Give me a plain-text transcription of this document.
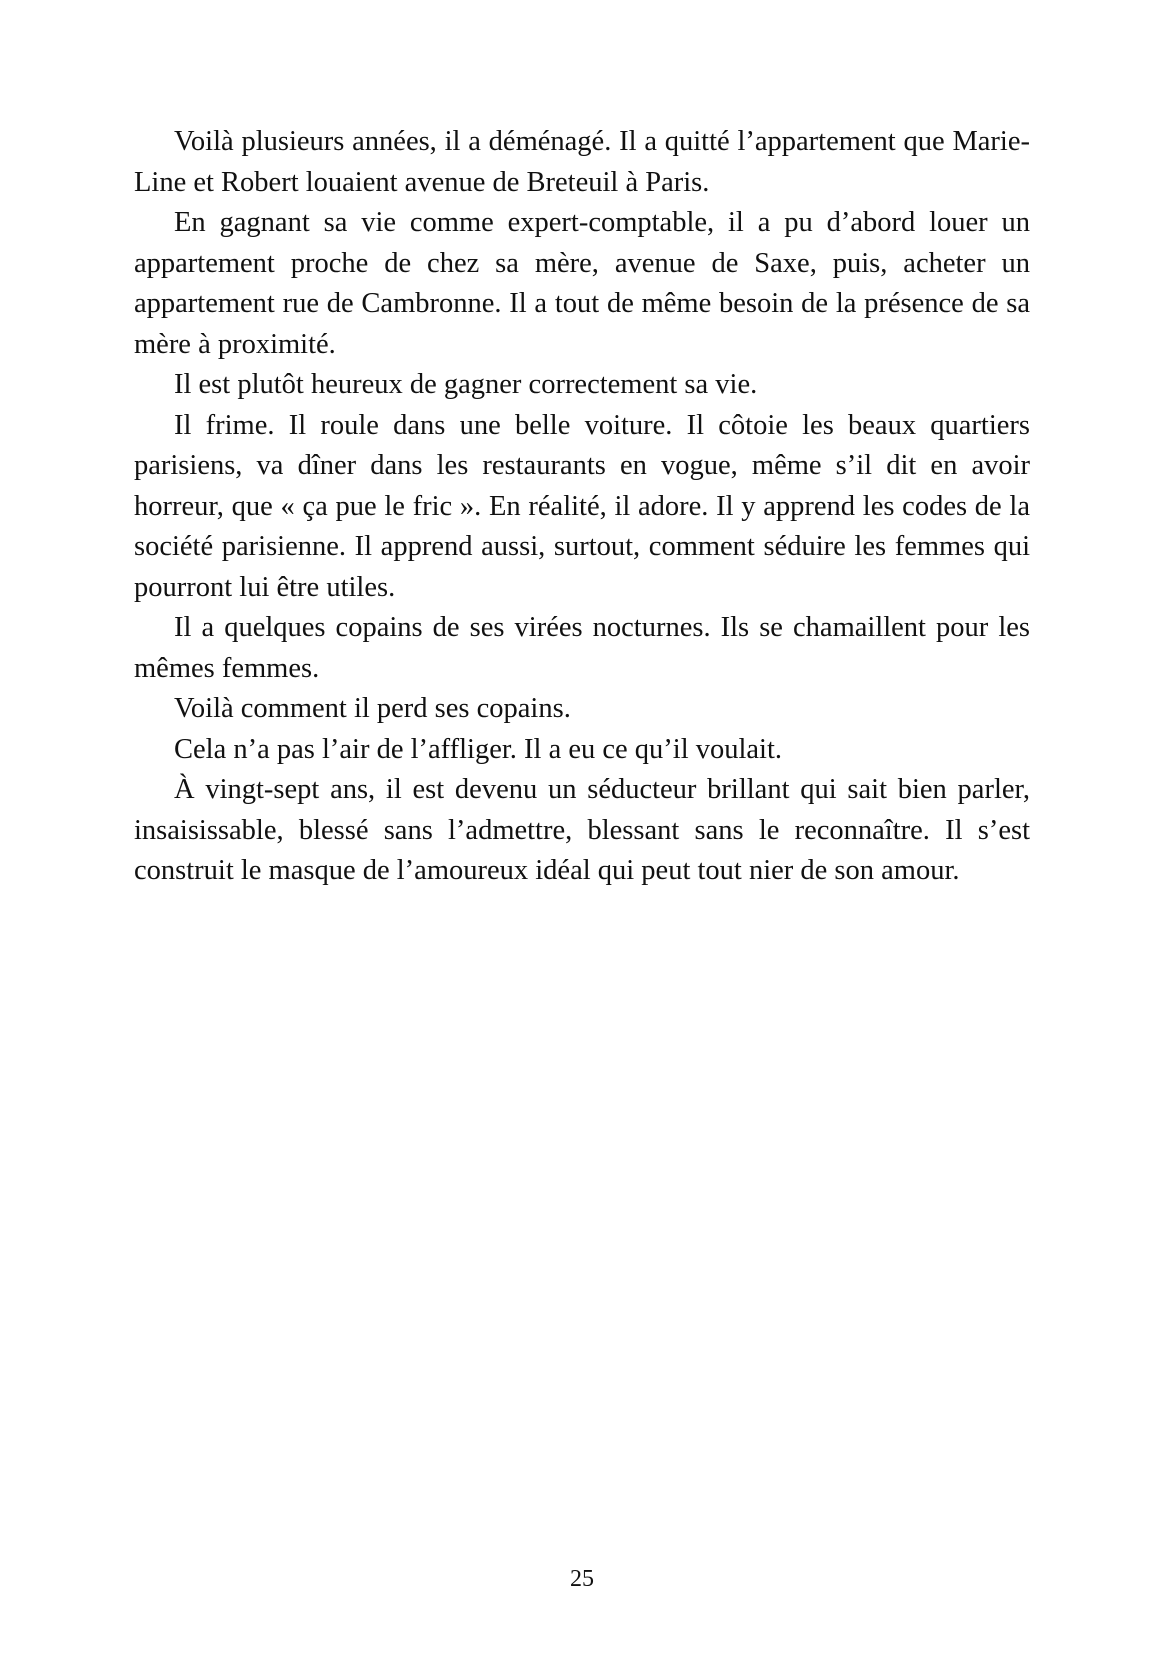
Voilà plusieurs années, il a déménagé. Il a quitté l’appartement que Marie-Line et Robert louaient avenue de Breteuil à Paris.

En gagnant sa vie comme expert-comptable, il a pu d’abord louer un appartement proche de chez sa mère, avenue de Saxe, puis, acheter un appartement rue de Cambronne. Il a tout de même besoin de la présence de sa mère à proximité.

Il est plutôt heureux de gagner correctement sa vie.

Il frime. Il roule dans une belle voiture. Il côtoie les beaux quartiers parisiens, va dîner dans les restaurants en vogue, même s’il dit en avoir horreur, que « ça pue le fric ». En réalité, il adore. Il y apprend les codes de la société parisienne. Il apprend aussi, surtout, comment séduire les femmes qui pourront lui être utiles.

Il a quelques copains de ses virées nocturnes. Ils se chamaillent pour les mêmes femmes.

Voilà comment il perd ses copains.

Cela n’a pas l’air de l’affliger. Il a eu ce qu’il voulait.

À vingt-sept ans, il est devenu un séducteur brillant qui sait bien parler, insaisissable, blessé sans l’admettre, blessant sans le reconnaître. Il s’est construit le masque de l’amoureux idéal qui peut tout nier de son amour.

25
